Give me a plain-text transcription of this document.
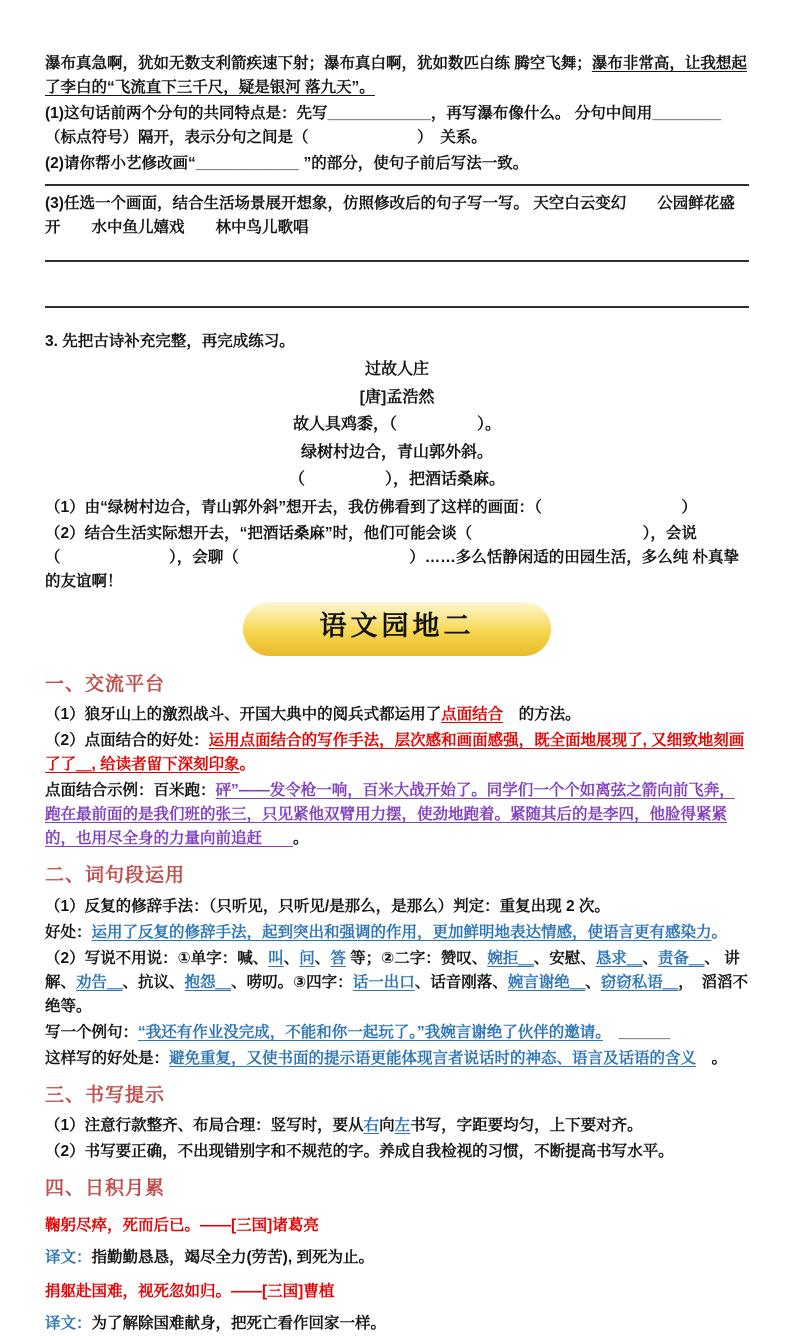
瀑布真急啊，犹如无数支利箭疾速下射；瀑布真白啊，犹如数匹白练 腾空飞舞；瀑布非常高，让我想起了李白的“飞流直下三千尺，疑是银河 落九天”。

(1)这句话前两个分句的共同特点是：先写____________，再写瀑布像什么。 分句中间用________（标点符号）隔开，表示分句之间是（　　　　　　　）　关系。

(2)请你帮小艺修改画“____________ ”的部分，使句子前后写法一致。

(3)任选一个画面，结合生活场景展开想象，仿照修改后的句子写一写。 天空白云变幻　　公园鲜花盛开　　水中鱼儿嬉戏　　林中鸟儿歌唱

3. 先把古诗补充完整，再完成练习。

过故人庄
[唐]孟浩然
故人具鸡黍，（　　　　　）。
绿树村边合，青山郭外斜。
（　　　　　），把酒话桑麻。

（1）由“绿树村边合，青山郭外斜”想开去，我仿佛看到了这样的画面：（　　　　　　　　　）

（2）结合生活实际想开去，“把酒话桑麻”时，他们可能会谈（　　　　　　　　　　　），会说（　　　　　　　），会聊（　　　　　　　　　　　）……多么恬静闲适的田园生活，多么纯 朴真挚的友谊啊！

语文园地二
一、交流平台

（1）狼牙山上的激烈战斗、开国大典中的阅兵式都运用了点面结合　的方法。

（2）点面结合的好处：运用点面结合的写作手法，层次感和画面感强，既全面地展现了, 又细致地刻画了了＿, 给读者留下深刻印象。

点面结合示例：百米跑：砰”——发令枪一响，百米大战开始了。同学们一个个如离弦之箭向前飞奔，跑在最前面的是我们班的张三，只见紧他双臂用力摆，使劲地跑着。紧随其后的是李四，他脸得紧紧的，也用尽全身的力量向前追赶　　。

二、词句段运用

（1）反复的修辞手法：（只听见，只听见/是那么，是那么）判定：重复出现 2 次。

好处：运用了反复的修辞手法，起到突出和强调的作用，更加鲜明地表达情感，使语言更有感染力。

（2）写说不用说：①单字：喊、叫、问、答 等；②二字：赞叹、婉拒＿、安慰、恳求＿、责备＿、 讲解、劝告＿、抗议、抱怨＿、唠叨。③四字：话一出口、话音刚落、婉言谢绝＿、窃窃私语＿，　滔滔不绝等。

写一个例句：“我还有作业没完成，不能和你一起玩了。”我婉言谢绝了伙伴的邀请。　______

这样写的好处是：避免重复，又使书面的提示语更能体现言者说话时的神态、语言及话语的含义　。

三、书写提示

（1）注意行款整齐、布局合理：竖写时，要从右向左书写，字距要均匀，上下要对齐。

（2）书写要正确，不出现错别字和不规范的字。养成自我检视的习惯，不断提高书写水平。

四、日积月累

鞠躬尽瘁，死而后已。——[三国]诸葛亮

译文：指勤勤恳恳，竭尽全力(劳苦), 到死为止。

捐躯赴国难，视死忽如归。——[三国]曹植

译文：为了解除国难献身，把死亡看作回家一样。
